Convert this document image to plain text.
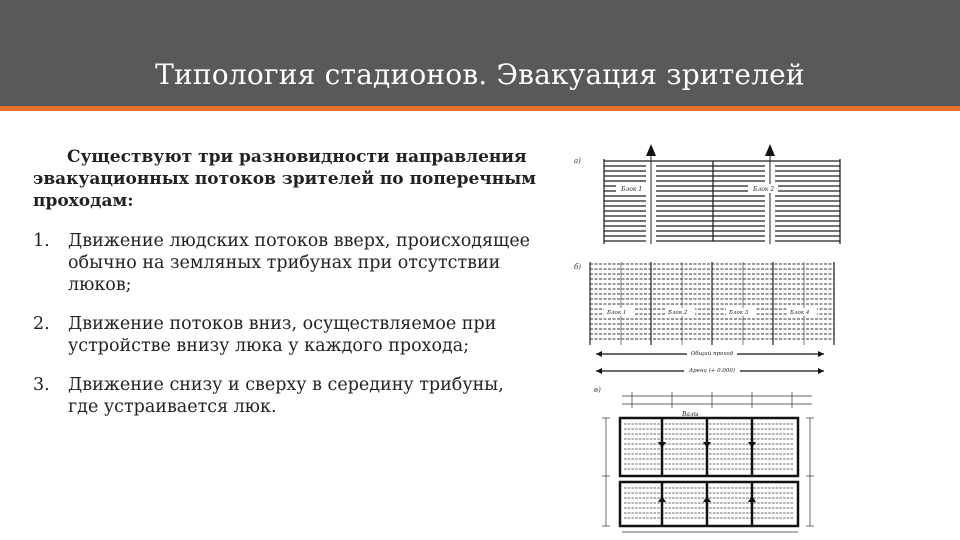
Типология стадионов. Эвакуация зрителей

Существуют три разновидности направления эвакуационных потоков зрителей по поперечным проходам:

1. Движение людских потоков вверх, происходящее обычно на земляных трибунах при отсутствии люков;
2. Движение потоков вниз, осуществляемое при устройстве внизу люка у каждого прохода;
3. Движение снизу и сверху в середину трибуны, где устраивается люк.
а)
Блок 1	Блок 2
б)
Блок 1	Блок 2	Блок 3	Блок 4
Общий проход
Арена (+ 0.000)
в)
Валы
